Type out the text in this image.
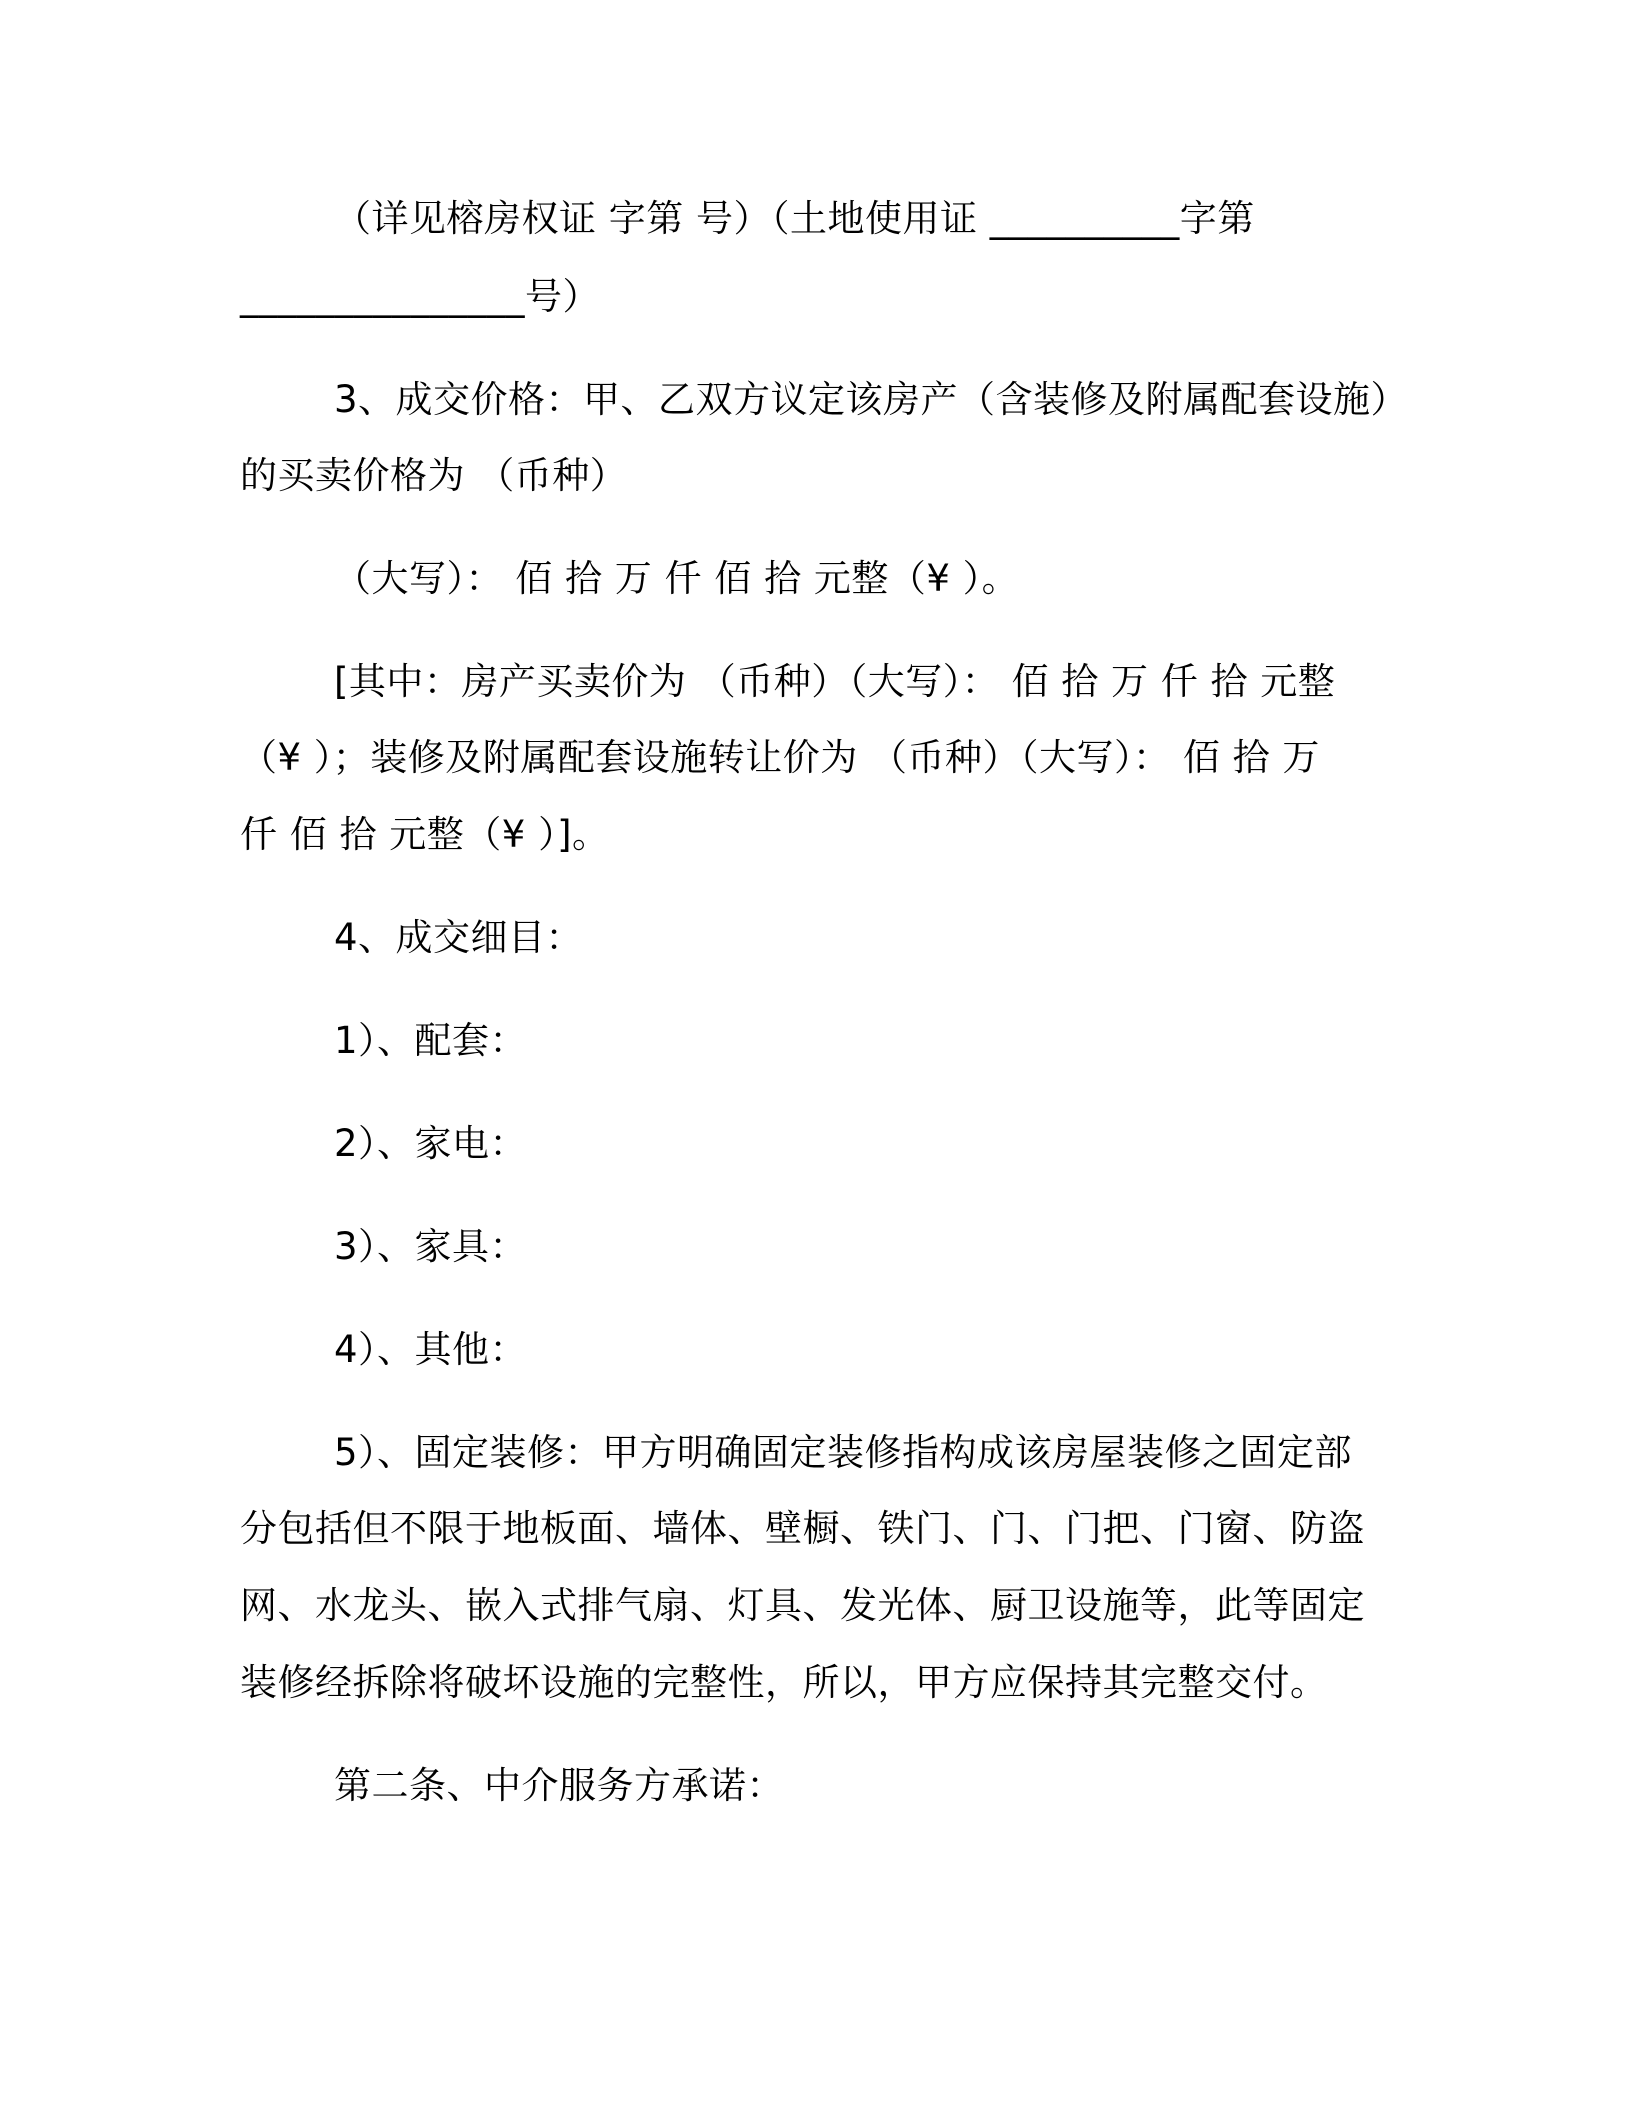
（详见榕房权证 字第 号）（土地使用证 __________字第
_______________号）
3、成交价格：甲、乙双方议定该房产（含装修及附属配套设施）
的买卖价格为 （币种）
（大写）： 佰 拾 万 仟 佰 拾 元整（¥ ）。
[其中：房产买卖价为 （币种）（大写）： 佰 拾 万 仟 拾 元整
（¥ ）；装修及附属配套设施转让价为 （币种）（大写）： 佰 拾 万
仟 佰 拾 元整（¥ ）]。
4、成交细目：
1）、配套：
2）、家电：
3）、家具：
4）、其他：
5）、固定装修：甲方明确固定装修指构成该房屋装修之固定部
分包括但不限于地板面、墙体、壁橱、铁门、门、门把、门窗、防盗
网、水龙头、嵌入式排气扇、灯具、发光体、厨卫设施等，此等固定
装修经拆除将破坏设施的完整性，所以，甲方应保持其完整交付。
第二条、中介服务方承诺：
